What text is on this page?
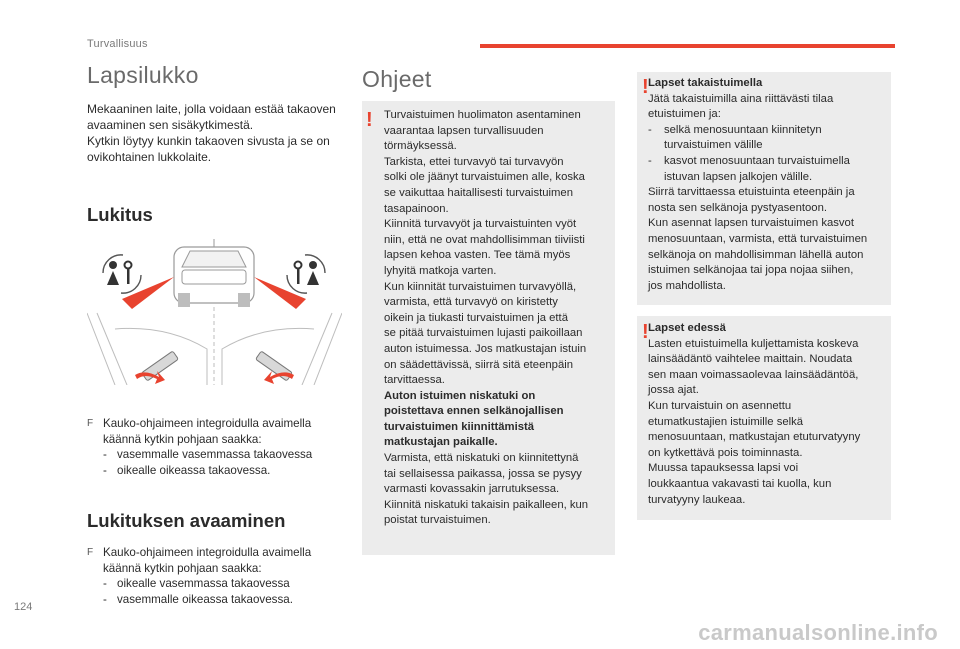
Turvallisuus
Lapsilukko
Mekaaninen laite, jolla voidaan estää takaoven
avaaminen sen sisäkytkimestä.
Kytkin löytyy kunkin takaoven sivusta ja se on
ovikohtainen lukkolaite.
Lukitus
F Kauko-ohjaimeen integroidulla avaimella
käännä kytkin pohjaan saakka:
- vasemmalle vasemmassa takaovessa
- oikealle oikeassa takaovessa.
Lukituksen avaaminen
F Kauko-ohjaimeen integroidulla avaimella
käännä kytkin pohjaan saakka:
- oikealle vasemmassa takaovessa
- vasemmalle oikeassa takaovessa.
Ohjeet
! Turvaistuimen huolimaton asentaminen
vaarantaa lapsen turvallisuuden
törmäyksessä.
Tarkista, ettei turvavyö tai turvavyön
solki ole jäänyt turvaistuimen alle, koska
se vaikuttaa haitallisesti turvaistuimen
tasapainoon.
Kiinnitä turvavyöt ja turvaistuinten vyöt
niin, että ne ovat mahdollisimman tiiviisti
lapsen kehoa vasten. Tee tämä myös
lyhyitä matkoja varten.
Kun kiinnität turvaistuimen turvavyöllä,
varmista, että turvavyö on kiristetty
oikein ja tiukasti turvaistuimen ja että
se pitää turvaistuimen lujasti paikoillaan
auton istuimessa. Jos matkustajan istuin
on säädettävissä, siirrä sitä eteenpäin
tarvittaessa.
Auton istuimen niskatuki on
poistettava ennen selkänojallisen
turvaistuimen kiinnittämistä
matkustajan paikalle.
Varmista, että niskatuki on kiinnitettynä
tai sellaisessa paikassa, jossa se pysyy
varmasti kovassakin jarrutuksessa.
Kiinnitä niskatuki takaisin paikalleen, kun
poistat turvaistuimen.
! Lapset takaistuimella
Jätä takaistuimilla aina riittävästi tilaa
etuistuimen ja:
-	selkä menosuuntaan kiinnitetyn
turvaistuimen välille
-	kasvot menosuuntaan turvaistuimella
istuvan lapsen jalkojen välille.
Siirrä tarvittaessa etuistuinta eteenpäin ja
nosta sen selkänoja pystyasentoon.
Kun asennat lapsen turvaistuimen kasvot
menosuuntaan, varmista, että turvaistuimen
selkänoja on mahdollisimman lähellä auton
istuimen selkänojaa tai jopa nojaa siihen,
jos mahdollista.
! Lapset edessä
Lasten etuistuimella kuljettamista koskeva
lainsäädäntö vaihtelee maittain. Noudata
sen maan voimassaolevaa lainsäädäntöä,
jossa ajat.
Kun turvaistuin on asennettu
etumatkustajien istuimille selkä
menosuuntaan, matkustajan etuturvatyyny
on kytkettävä pois toiminnasta.
Muussa tapauksessa lapsi voi
loukkaantua vakavasti tai kuolla, kun
turvatyyny laukeaa.
124
carmanualsonline.info
